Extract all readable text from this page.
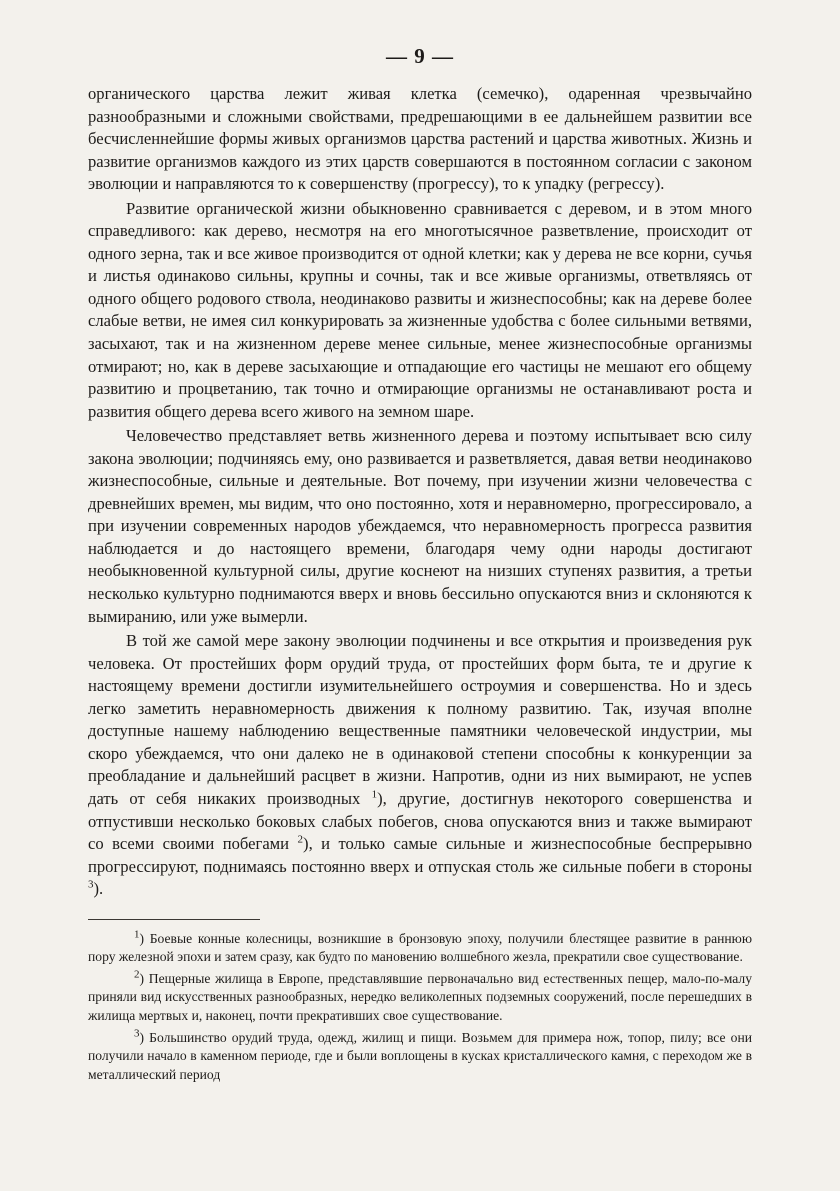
— 9 —

органического царства лежит живая клетка (семечко), одаренная чрезвычайно разнообразными и сложными свойствами, предрешающими в ее дальнейшем развитии все бесчисленнейшие формы живых организмов царства растений и царства животных. Жизнь и развитие организмов каждого из этих царств совершаются в постоянном согласии с законом эволюции и направляются то к совершенству (прогрессу), то к упадку (регрессу).

Развитие органической жизни обыкновенно сравнивается с деревом, и в этом много справедливого: как дерево, несмотря на его многотысячное разветвление, происходит от одного зерна, так и все живое производится от одной клетки; как у дерева не все корни, сучья и листья одинаково сильны, крупны и сочны, так и все живые организмы, ответвляясь от одного общего родового ствола, неодинаково развиты и жизнеспособны; как на дереве более слабые ветви, не имея сил конкурировать за жизненные удобства с более сильными ветвями, засыхают, так и на жизненном дереве менее сильные, менее жизнеспособные организмы отмирают; но, как в дереве засыхающие и отпадающие его частицы не мешают его общему развитию и процветанию, так точно и отмирающие организмы не останавливают роста и развития общего дерева всего живого на земном шаре.

Человечество представляет ветвь жизненного дерева и поэтому испытывает всю силу закона эволюции; подчиняясь ему, оно развивается и разветвляется, давая ветви неодинаково жизнеспособные, сильные и деятельные. Вот почему, при изучении жизни человечества с древнейших времен, мы видим, что оно постоянно, хотя и неравномерно, прогрессировало, а при изучении современных народов убеждаемся, что неравномерность прогресса развития наблюдается и до настоящего времени, благодаря чему одни народы достигают необыкновенной культурной силы, другие коснеют на низших ступенях развития, а третьи несколько культурно поднимаются вверх и вновь бессильно опускаются вниз и склоняются к вымиранию, или уже вымерли.

В той же самой мере закону эволюции подчинены и все открытия и произведения рук человека. От простейших форм орудий труда, от простейших форм быта, те и другие к настоящему времени достигли изумительнейшего остроумия и совершенства. Но и здесь легко заметить неравномерность движения к полному развитию. Так, изучая вполне доступные нашему наблюдению вещественные памятники человеческой индустрии, мы скоро убеждаемся, что они далеко не в одинаковой степени способны к конкуренции за преобладание и дальнейший расцвет в жизни. Напротив, одни из них вымирают, не успев дать от себя никаких производных $^1$), другие, достигнув некоторого совершенства и отпустивши несколько боковых слабых побегов, снова опускаются вниз и также вымирают со всеми своими побегами $^2$), и только самые сильные и жизнеспособные беспрерывно прогрессируют, поднимаясь постоянно вверх и отпуская столь же сильные побеги в стороны $^3$).

$^1$) Боевые конные колесницы, возникшие в бронзовую эпоху, получили блестящее развитие в раннюю пору железной эпохи и затем сразу, как будто по мановению волшебного жезла, прекратили свое существование.

$^2$) Пещерные жилища в Европе, представлявшие первоначально вид естественных пещер, мало-по-малу приняли вид искусственных разнообразных, нередко великолепных подземных сооружений, после перешедших в жилища мертвых и, наконец, почти прекративших свое существование.

$^3$) Большинство орудий труда, одежд, жилищ и пищи. Возьмем для примера нож, топор, пилу; все они получили начало в каменном периоде, где и были воплощены в кусках кристаллического камня, с переходом же в металлический период
